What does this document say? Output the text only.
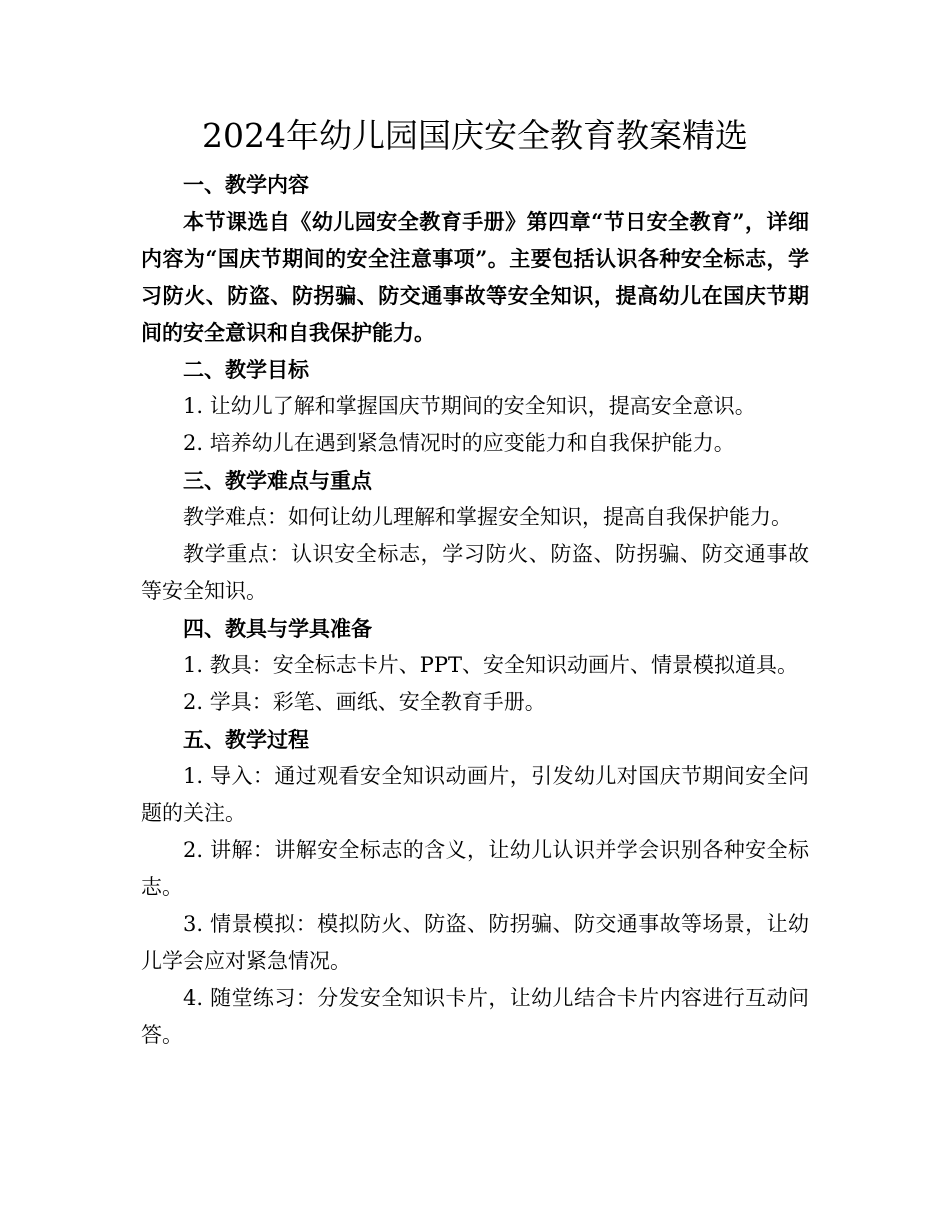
2024年幼儿园国庆安全教育教案精选

一、教学内容

本节课选自《幼儿园安全教育手册》第四章“节日安全教育”，详细内容为“国庆节期间的安全注意事项”。主要包括认识各种安全标志，学习防火、防盗、防拐骗、防交通事故等安全知识，提高幼儿在国庆节期间的安全意识和自我保护能力。

二、教学目标

1. 让幼儿了解和掌握国庆节期间的安全知识，提高安全意识。

2. 培养幼儿在遇到紧急情况时的应变能力和自我保护能力。

三、教学难点与重点

教学难点：如何让幼儿理解和掌握安全知识，提高自我保护能力。

教学重点：认识安全标志，学习防火、防盗、防拐骗、防交通事故等安全知识。

四、教具与学具准备

1. 教具：安全标志卡片、PPT、安全知识动画片、情景模拟道具。

2. 学具：彩笔、画纸、安全教育手册。

五、教学过程

1. 导入：通过观看安全知识动画片，引发幼儿对国庆节期间安全问题的关注。

2. 讲解：讲解安全标志的含义，让幼儿认识并学会识别各种安全标志。

3. 情景模拟：模拟防火、防盗、防拐骗、防交通事故等场景，让幼儿学会应对紧急情况。

4. 随堂练习：分发安全知识卡片，让幼儿结合卡片内容进行互动问答。
